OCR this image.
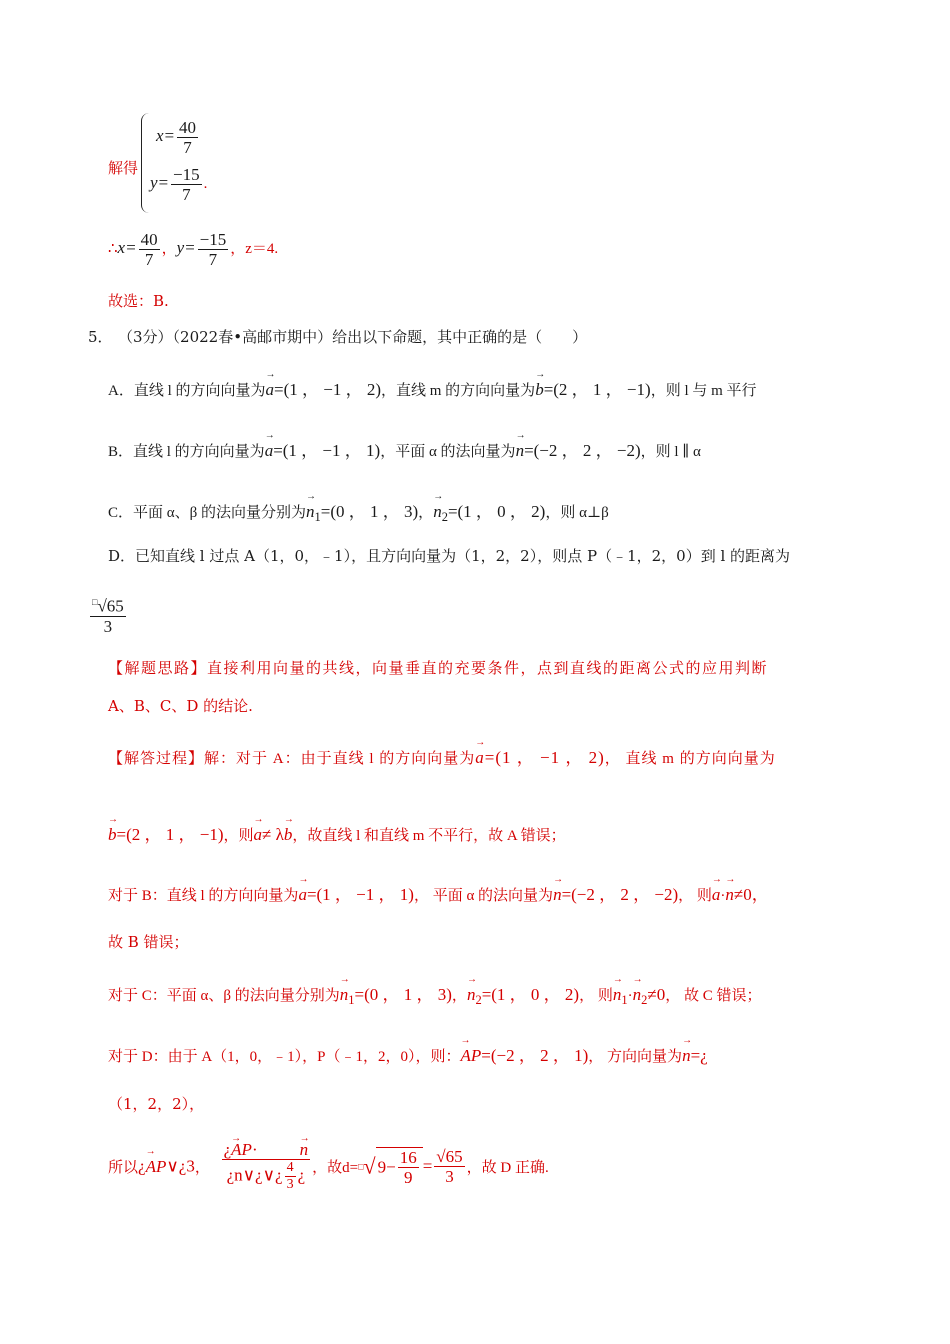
解得
$x= \frac{40}{7}$
$y= \frac{-15}{7}$ .
∴x= $\frac{40}{7}$ ，$y= \frac{-15}{7}$ ，z＝4.
故选：B.
5． （3分）（2022春•高邮市期中）给出以下命题，其中正确的是（　　）
A．直线 l 的方向向量为→ a=(1 ， −1 ， 2)，直线 m 的方向向量为→ b=(2 ， 1 ， −1)，则 l 与 m 平行
B．直线 l 的方向向量为→ a=(1 ， −1 ， 1)，平面 α 的法向量为→ n=(−2 ， 2 ， −2)，则 l ∥ α
C．平面 α、β 的法向量分别为→ $n_1=(0$ ， 1 ， 3)，→ $n_2=(1$ ， 0 ， 2)，则 α⊥β
D．已知直线 l 过点 A（1，0，﹣1），且方向向量为（1，2，2），则点 P（﹣1，2，0）到 l 的距离为
$\frac{^□√65}{3}$
【解题思路】直接利用向量的共线，向量垂直的充要条件，点到直线的距离公式的应用判断
A、B、C、D 的结论.
【解答过程】解：对于 A：由于直线 l 的方向向量为→ a=(1 ， −1 ， 2)， 直线 m 的方向向量为
→ b=(2 ， 1 ， −1)，则→ a≠ λ→ b，故直线 l 和直线 m 不平行，故 A 错误；
对于 B：直线 l 的方向向量为→ a=(1 ， −1 ， 1)， 平面 α 的法向量为→ n=(−2 ， 2 ， −2)， 则→ a·→ n≠0，
故 B 错误；
对于 C：平面 α、β 的法向量分别为→ $n_1=(0$ ， 1 ， 3)，→ $n_2=(1$ ， 0 ， 2)， 则→ $n_1\cdot\to n_2\ne 0$， 故 C 错误；
对于 D：由于 A（1，0，﹣1），P（﹣1，2，0），则：→ AP=(−2 ， 2 ， 1)， 方向向量为→ n=¿
（1，2，2），
所以¿→ AP∨¿3， $\frac{¿\to AP\cdot\to n}{¿n\vee¿\vee¿ \frac{4}{3} ¿}$ ，故d=□√ $9- \frac{16}{9} = \frac{√65}{3}$ ，故 D 正确.
